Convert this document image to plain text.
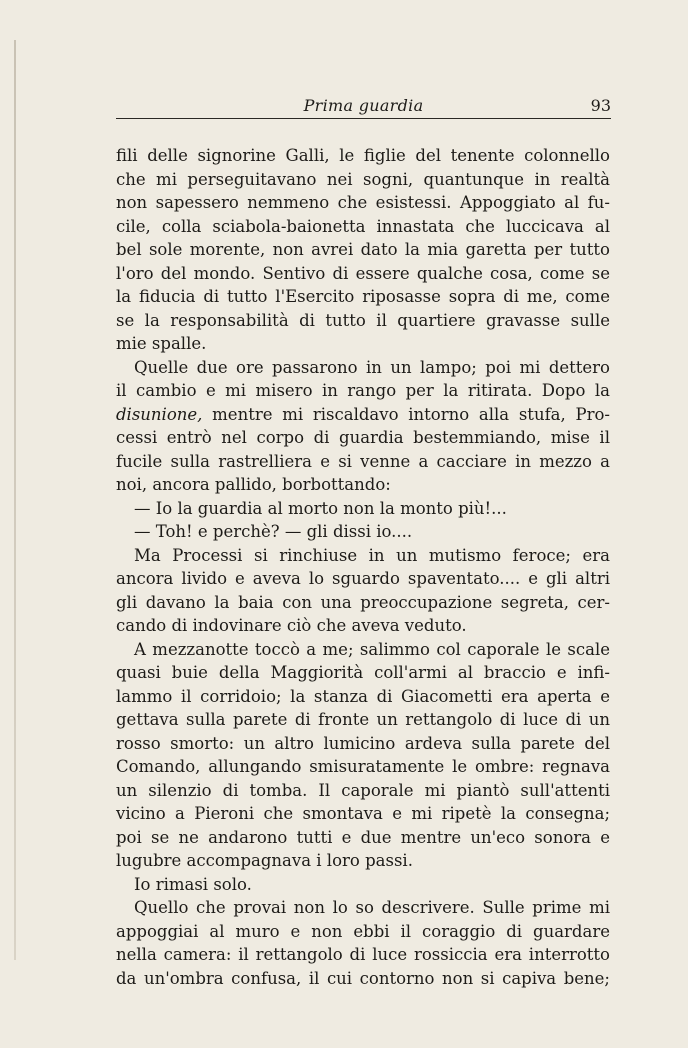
Prima guardia	93
fili delle signorine Galli, le figlie del tenente colonnello
che mi perseguitavano nei sogni, quantunque in realtà
non sapessero nemmeno che esistessi. Appoggiato al fu-
cile, colla sciabola-baionetta innastata che luccicava al
bel sole morente, non avrei dato la mia garetta per tutto
l'oro del mondo. Sentivo di essere qualche cosa, come se
la fiducia di tutto l'Esercito riposasse sopra di me, come
se la responsabilità di tutto il quartiere gravasse sulle
mie spalle.
Quelle due ore passarono in un lampo; poi mi dettero
il cambio e mi misero in rango per la ritirata. Dopo la
disunione, mentre mi riscaldavo intorno alla stufa, Pro-
cessi entrò nel corpo di guardia bestemmiando, mise il
fucile sulla rastrelliera e si venne a cacciare in mezzo a
noi, ancora pallido, borbottando:
— Io la guardia al morto non la monto più!...
— Toh! e perchè? — gli dissi io....
Ma Processi si rinchiuse in un mutismo feroce; era
ancora livido e aveva lo sguardo spaventato.... e gli altri
gli davano la baia con una preoccupazione segreta, cer-
cando di indovinare ciò che aveva veduto.
A mezzanotte toccò a me; salimmo col caporale le scale
quasi buie della Maggiorità coll'armi al braccio e infi-
lammo il corridoio; la stanza di Giacometti era aperta e
gettava sulla parete di fronte un rettangolo di luce di un
rosso smorto: un altro lumicino ardeva sulla parete del
Comando, allungando smisuratamente le ombre: regnava
un silenzio di tomba. Il caporale mi piantò sull'attenti
vicino a Pieroni che smontava e mi ripetè la consegna;
poi se ne andarono tutti e due mentre un'eco sonora e
lugubre accompagnava i loro passi.
Io rimasi solo.
Quello che provai non lo so descrivere. Sulle prime mi
appoggiai al muro e non ebbi il coraggio di guardare
nella camera: il rettangolo di luce rossiccia era interrotto
da un'ombra confusa, il cui contorno non si capiva bene;
